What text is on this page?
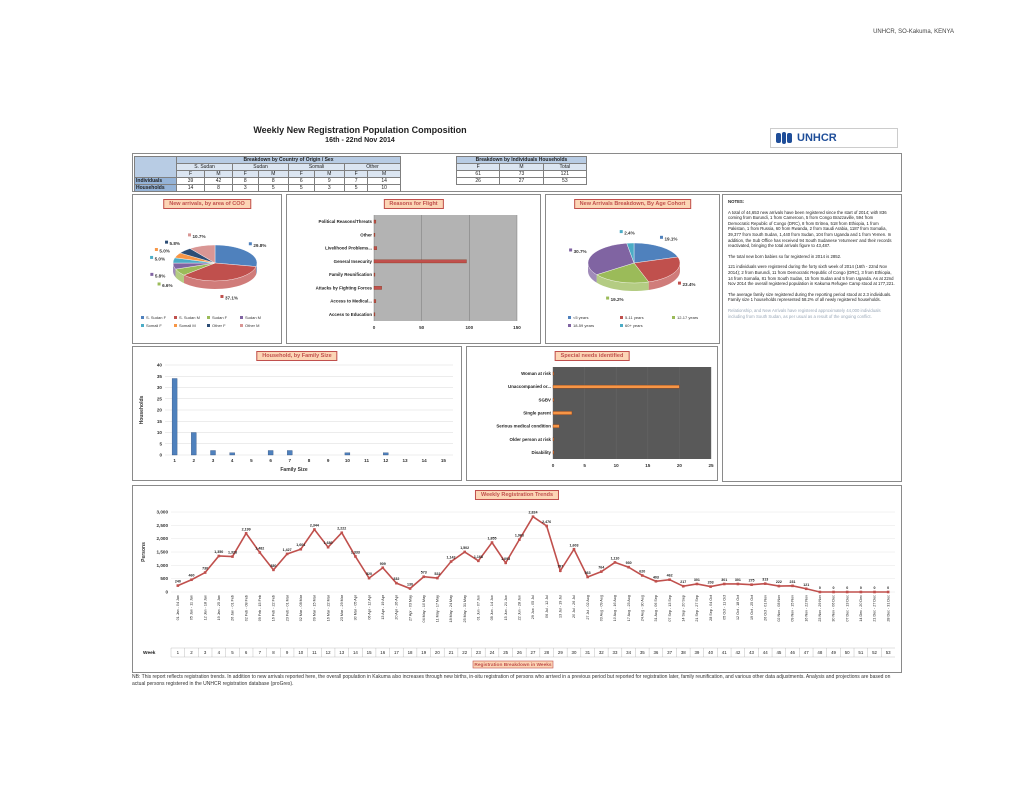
UNHCR, SO-Kakuma, KENYA
Weekly New Registration Population Composition
16th - 22nd Nov 2014	UNHCR
	Breakdown by Country of Origin / Sex							
	S. Sudan		Sudan		Somali		Other	
	F	M	F	M	F	M	F	M
Individuals	39	42	8	8	6	9	7	14
Households	14	8	3	5	5	3	5	10
Breakdown by Individuals Households		
F	M	Total
61	73	121
26	27	53
New arrivals, by area of COO
29.8%
37.1%
6.6%
5.8%
5.0%
5.0%
5.8%
10.7%
S. Sudan F	S. Sudan M	Sudan F	Sudan M
Somali F	Somali M	Other F	Other M
Reasons for Flight
0	50	100	150
Political Reasons/Threats
Other
Livelihood Problems...
General Insecurity
Family Reunification
Attacks by Fighting Forces
Access to Medical...
Access to Education
New Arrivals Breakdown, By Age Cohort
19.1%
23.4%
19.2%
30.7%
2.4%
<5 years	5-11 years	12-17 years
18-59 years	60+ years

NOTES:

A total of 44,653 new arrivals have been registered since the start of 2014; with 836 coming from Burundi, 1 from Cameroon, 5 from Congo Brazzaville, 594 from Democratic Republic of Congo (DRC), 8 from Eritrea, 518 from Ethiopia, 1 from Pakistan, 1 from Russia, 60 from Rwanda, 2 from Saudi Arabia, 1187 from Somalia, 39,377 from South Sudan, 1,440 from Sudan, 104 from Uganda and 1 from Yemen. In addition, the Sub Office has received 94 South Sudanese 'returnees' and their records reactivated, bringing the total arrivals figure to 43,487.

The total new born babies so far registered in 2014 is 2852.

121 individuals were registered during the forty sixth week of 2014 (16th - 22nd Nov 2014); 2 from Burundi, 11 from Democratic Republic of Congo (DRC), 3 from Ethiopia, 14 from Somalia, 81 from South Sudan, 15 from Sudan and 5 from Uganda. As at 22nd Nov 2014 the overall registered population in Kakuma Refugee Camp stood at 177,221.

The average family size registered during the reporting period stood at 2.3 individuals. Family size 1 households represented 58.2% of all newly registered households.

Relationship, and New Arrivals have registered approximately 44,000 individuals including from South Sudan, as per usual as a result of the ongoing conflict.

Household, by Family Size
0
5
10
15
20
25
30
35
40
1	2	3	4	5	6	7	8	9	10	11	12	13	14	15
Family Size
Households
Special needs identified
0	5	10	15	20	25
Woman at risk
Unaccompanied or...
SGBV
Single parent
Serious medical condition
Older person at risk
Disability
Weekly Registration Trends
0
500
1,000
1,500
2,000
2,500
3,000
Persons
240
01 Jan - 04 Jan
1
460
05 Jan - 11 Jan
2
730
12 Jan - 18 Jan
3
1,350
19 Jan - 25 Jan
4
1,328
26 Jan - 01 Feb
5
2,199
02 Feb - 08 Feb
6
1,482
09 Feb - 15 Feb
7
830
16 Feb - 22 Feb
8
1,427
23 Feb - 01 Mar
9
1,604
02 Mar - 08 Mar
10
2,344
09 Mar - 15 Mar
11
1,680
16 Mar - 22 Mar
12
2,222
23 Mar - 29 Mar
13
1,333
30 Mar - 05 Apr
14
520
06 Apr - 12 Apr
15
909
13 Apr - 19 Apr
16
332
20 Apr - 26 Apr
17
130
27 Apr - 03 May
18
573
04 May - 10 May
19
522
11 May - 17 May
20
1,142
18 May - 24 May
21
1,502
25 May - 31 May
22
1,168
01 Jun - 07 Jun
23
1,855
08 Jun - 14 Jun
24
1,093
15 Jun - 21 Jun
25
1,963
22 Jun - 28 Jun
26
2,824
29 Jun - 05 Jul
27
2,476
06 Jul - 12 Jul
28
797
13 Jul - 19 Jul
29
1,603
20 Jul - 26 Jul
30
563
27 Jul - 02 Aug
31
764
03 Aug - 09 Aug
32
1,110
10 Aug - 16 Aug
33
930
17 Aug - 23 Aug
34
620
24 Aug - 30 Aug
35
403
31 Aug - 06 Sep
36
462
07 Sep - 13 Sep
37
217
14 Sep - 20 Sep
38
301
21 Sep - 27 Sep
39
203
28 Sep - 04 Oct
40
301
05 Oct - 11 Oct
41
301
12 Oct - 18 Oct
42
275
19 Oct - 25 Oct
43
313
26 Oct - 01 Nov
44
222
02 Nov - 08 Nov
45
231
09 Nov - 15 Nov
46
121
16 Nov - 22 Nov
47
0
23 Nov - 29 Nov
48
0
30 Nov - 06 Dec
49
0
07 Dec - 13 Dec
50
0
14 Dec - 20 Dec
51
0
21 Dec - 27 Dec
52
0
28 Dec - 31 Dec
53
Week
Registration Breakdown in Weeks
NB: This report reflects registration trends. In addition to new arrivals reported here, the overall population in Kakuma also increases through new births, in-situ registration of persons who arrived in a previous period but reported for registration later, family reunification, and various other data adjustments. Analysis and projections are based on actual persons registered in the UNHCR registration database (proGres).
